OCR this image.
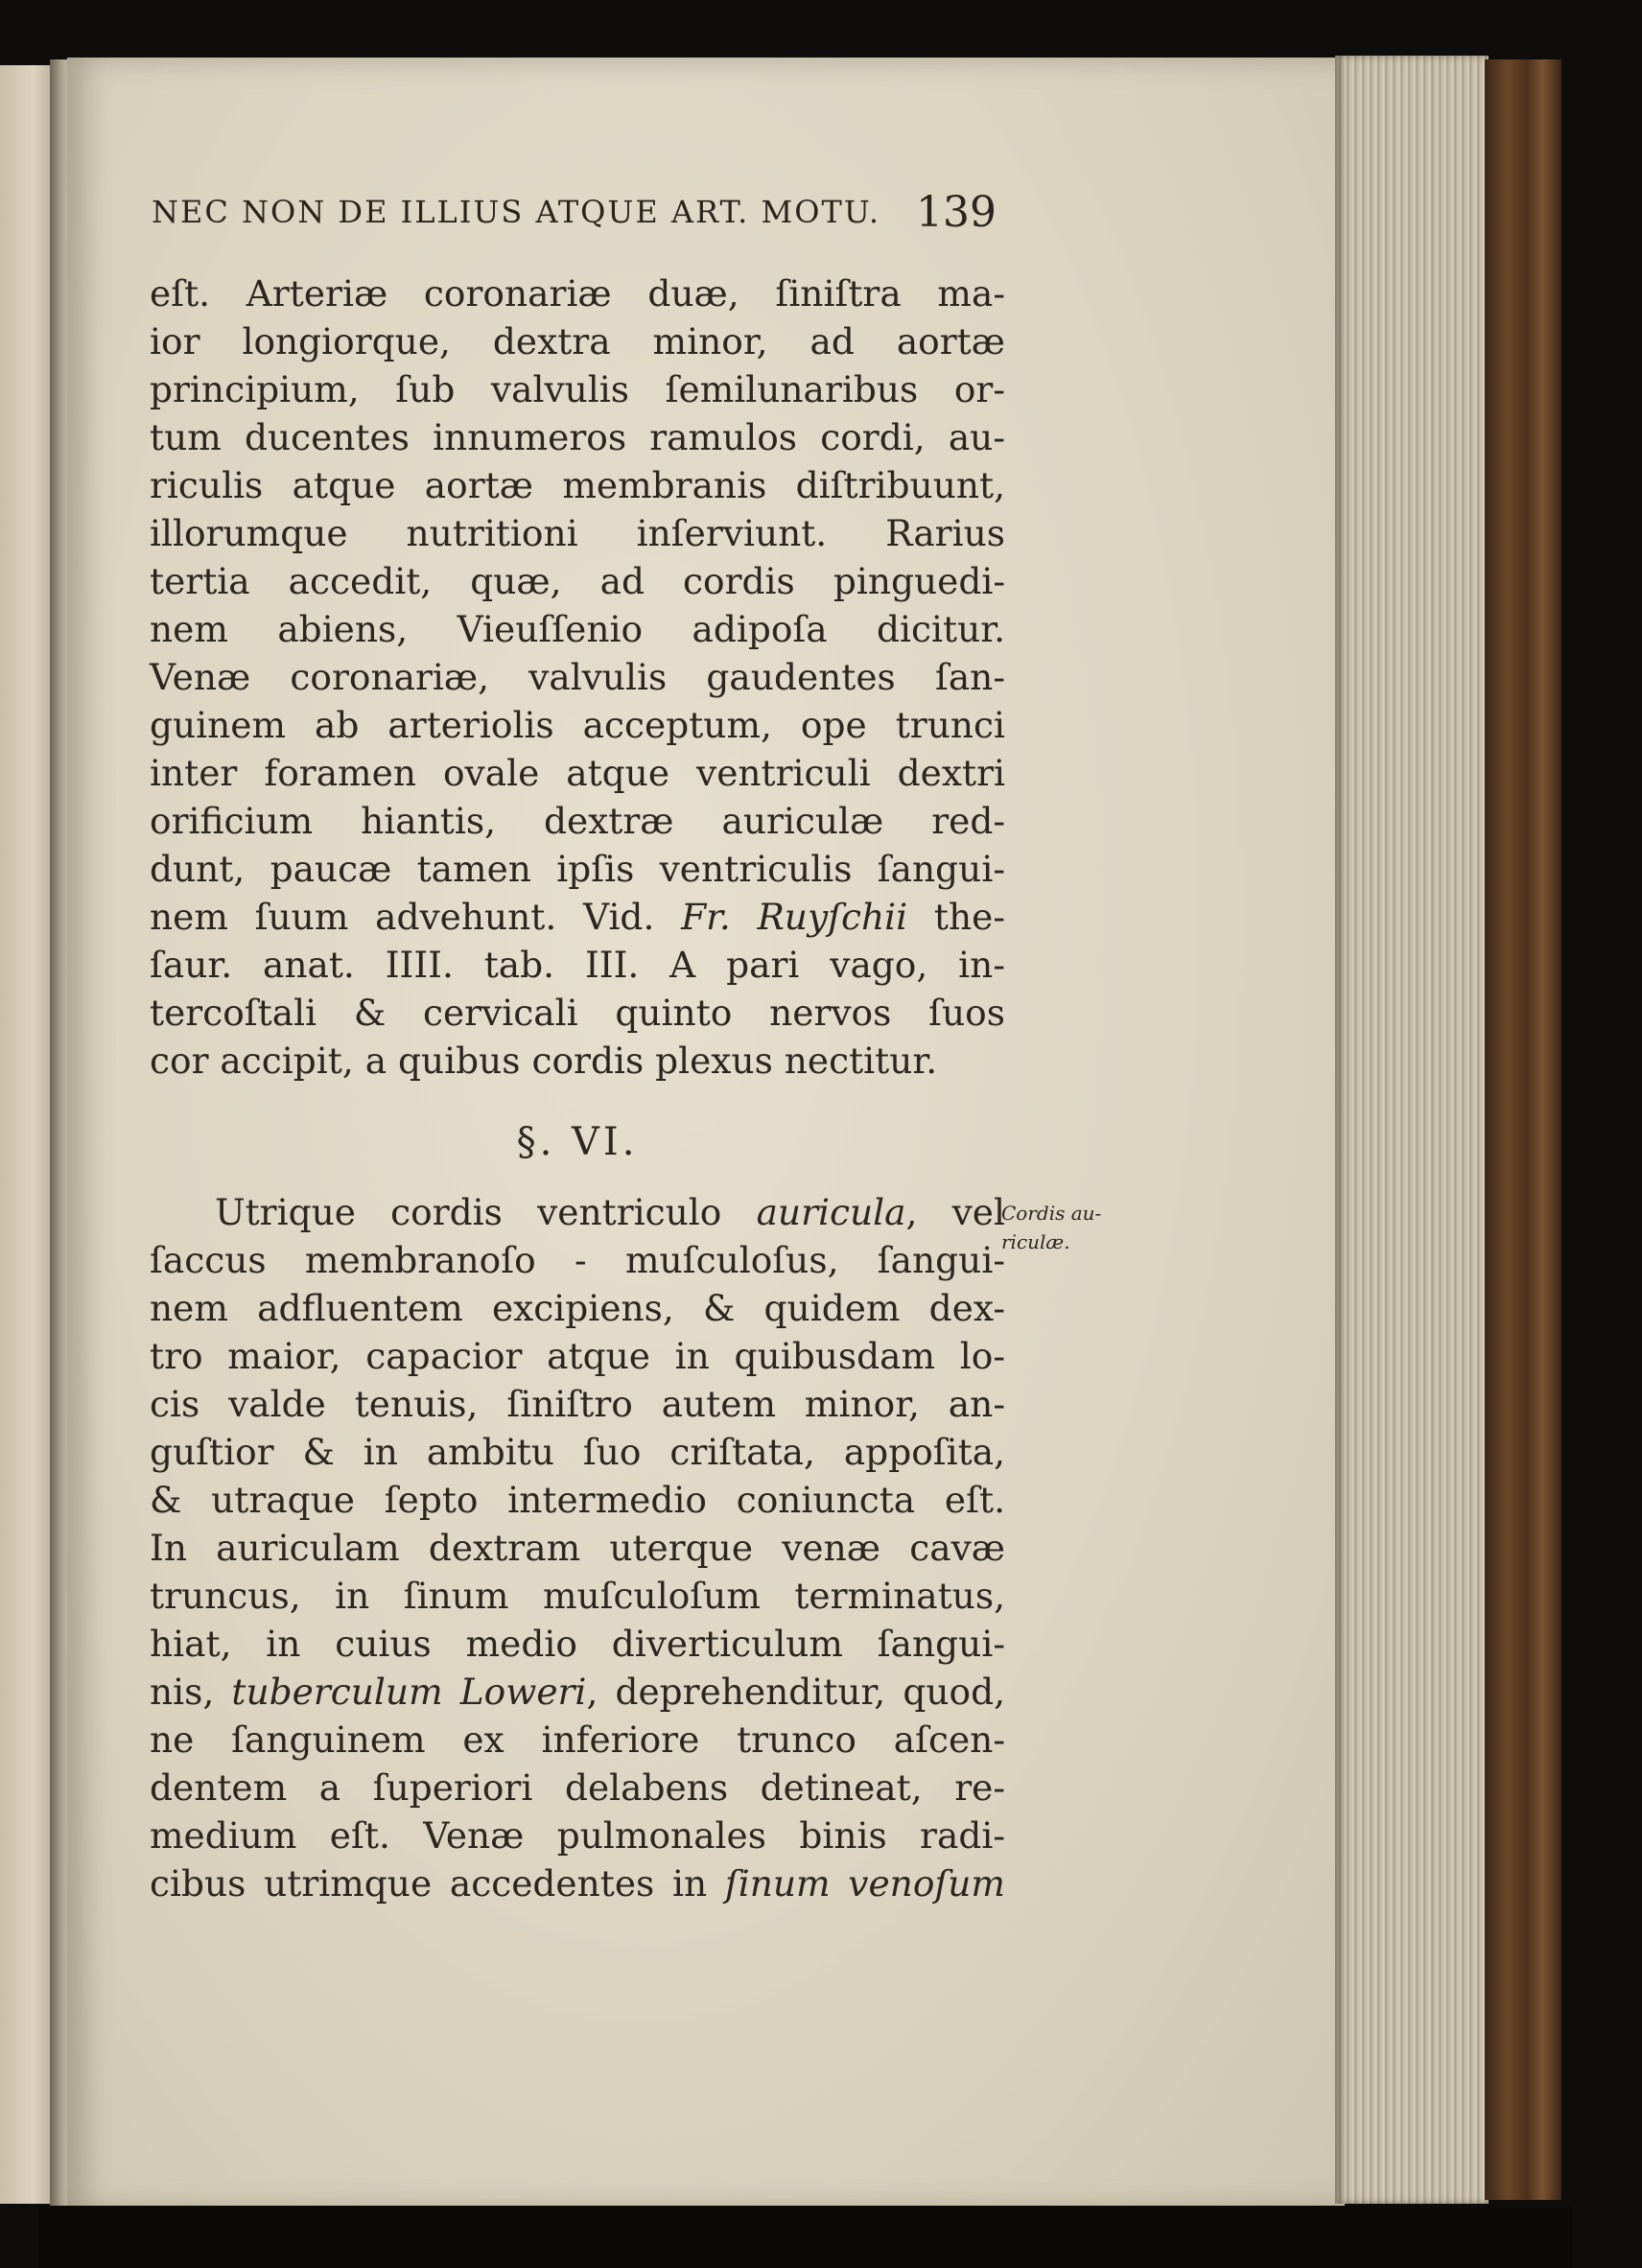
NEC NON DE ILLIUS ATQUE ART. MOTU. 139
eſt. Arteriæ coronariæ duæ, ſiniſtra ma-
ior longiorque, dextra minor, ad aortæ
principium, ſub valvulis ſemilunaribus or-
tum ducentes innumeros ramulos cordi, au-
riculis atque aortæ membranis diſtribuunt,
illorumque nutritioni inſerviunt. Rarius
tertia accedit, quæ, ad cordis pinguedi-
nem abiens, Vieuſſenio adipoſa dicitur.
Venæ coronariæ, valvulis gaudentes ſan-
guinem ab arteriolis acceptum, ope trunci
inter foramen ovale atque ventriculi dextri
orificium hiantis, dextræ auriculæ red-
dunt, paucæ tamen ipſis ventriculis ſangui-
nem ſuum advehunt. Vid. Fr. Ruyſchii the-
ſaur. anat. IIII. tab. III. A pari vago, in-
tercoſtali & cervicali quinto nervos ſuos
cor accipit, a quibus cordis plexus nectitur.
§. VI.
Utrique cordis ventriculo auricula, vel
ſaccus membranoſo - muſculoſus, ſangui-
nem adfluentem excipiens, & quidem dex-
tro maior, capacior atque in quibusdam lo-
cis valde tenuis, ſiniſtro autem minor, an-
guſtior & in ambitu ſuo criſtata, appoſita,
& utraque ſepto intermedio coniuncta eſt.
In auriculam dextram uterque venæ cavæ
truncus, in ſinum muſculoſum terminatus,
hiat, in cuius medio diverticulum ſangui-
nis, tuberculum Loweri, deprehenditur, quod,
ne ſanguinem ex inferiore trunco aſcen-
dentem a ſuperiori delabens detineat, re-
medium eſt. Venæ pulmonales binis radi-
cibus utrimque accedentes in ſinum venoſum
Cordis au-
riculæ.
